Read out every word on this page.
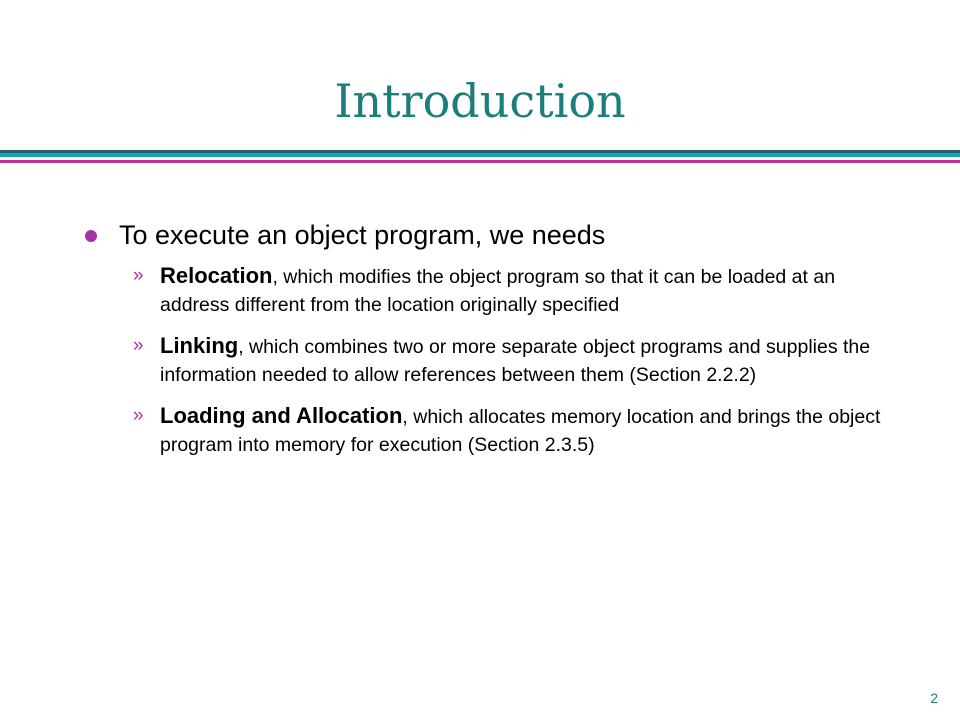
Introduction
To execute an object program, we needs
» Relocation, which modifies the object program so that it can be loaded at an address different from the location originally specified
» Linking, which combines two or more separate object programs and supplies the information needed to allow references between them (Section 2.2.2)
» Loading and Allocation, which allocates memory location and brings the object program into memory for execution (Section 2.3.5)
2
